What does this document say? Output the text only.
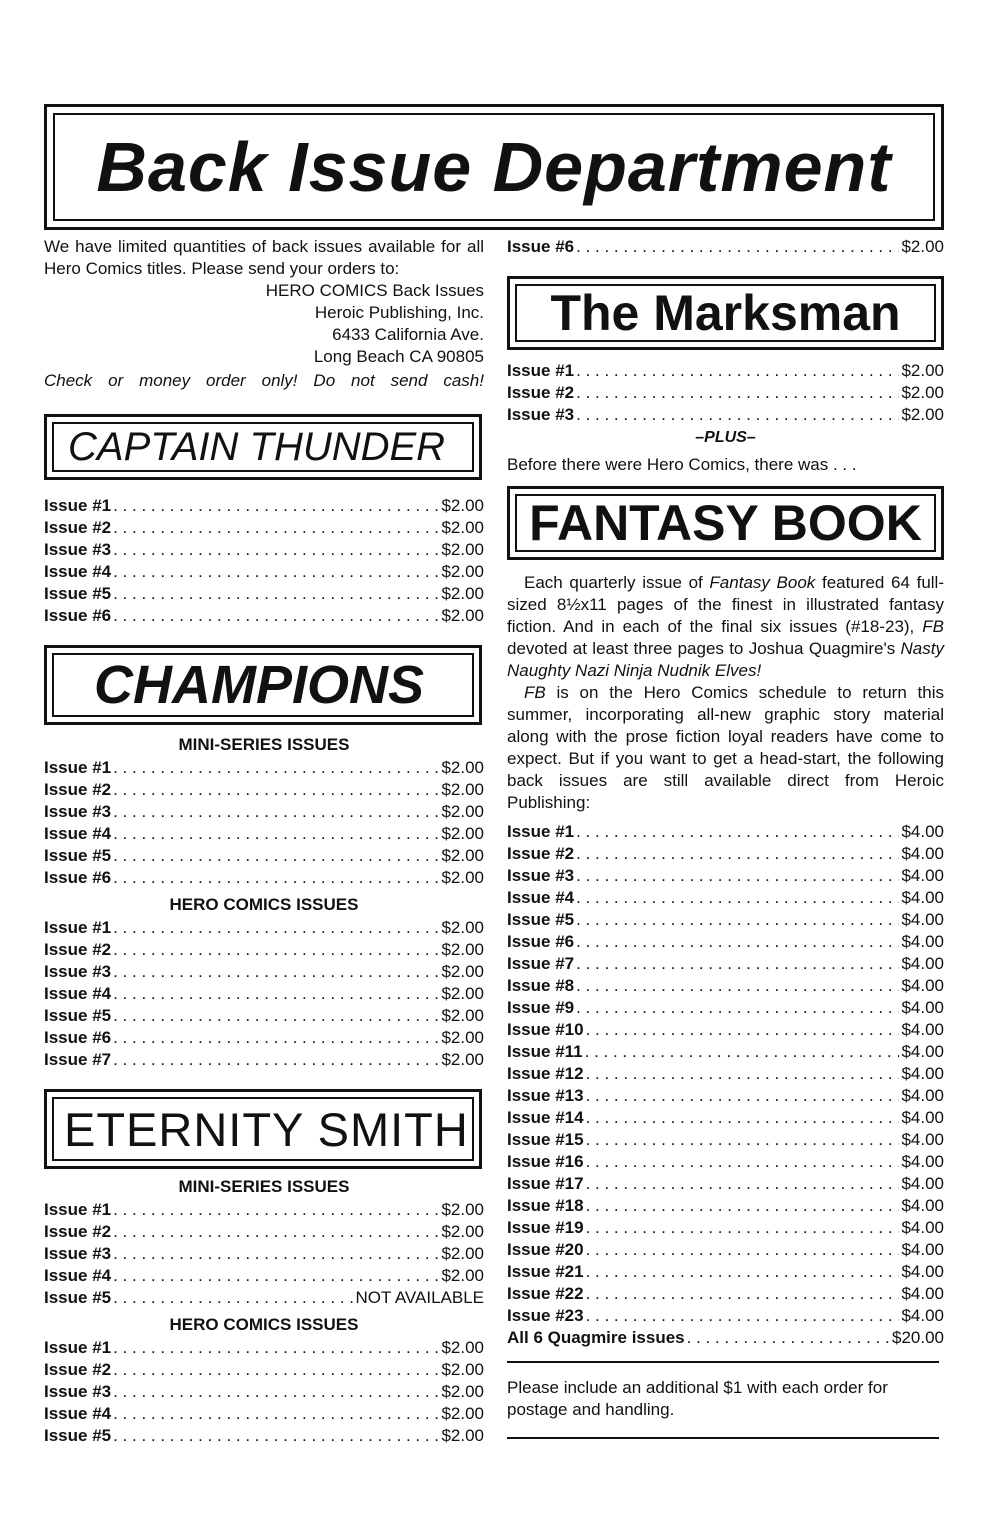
Back Issue Department
We have limited quantities of back issues available for all Hero Comics titles. Please send your orders to:
HERO COMICS Back Issues
Heroic Publishing, Inc.
6433 California Ave.
Long Beach CA 90805
Check or money order only! Do not send cash!
CAPTAIN THUNDER
Issue #1 . . .	$2.00
Issue #2 . . .	$2.00
Issue #3 . . .	$2.00
Issue #4 . . .	$2.00
Issue #5 . . .	$2.00
Issue #6 . . .	$2.00
CHAMPIONS
MINI-SERIES ISSUES
Issue #1 . . .	$2.00
Issue #2 . . .	$2.00
Issue #3 . . .	$2.00
Issue #4 . . .	$2.00
Issue #5 . . .	$2.00
Issue #6 . . .	$2.00
HERO COMICS ISSUES
Issue #1 . . .	$2.00
Issue #2 . . .	$2.00
Issue #3 . . .	$2.00
Issue #4 . . .	$2.00
Issue #5 . . .	$2.00
Issue #6 . . .	$2.00
Issue #7 . . .	$2.00
ETERNITY SMITH
MINI-SERIES ISSUES
Issue #1 . . .	$2.00
Issue #2 . . .	$2.00
Issue #3 . . .	$2.00
Issue #4 . . .	$2.00
Issue #5 . . .	NOT AVAILABLE
HERO COMICS ISSUES
Issue #1 . . .	$2.00
Issue #2 . . .	$2.00
Issue #3 . . .	$2.00
Issue #4 . . .	$2.00
Issue #5 . . .	$2.00
Issue #6 . . .	$2.00
The Marksman
Issue #1 . . .	$2.00
Issue #2 . . .	$2.00
Issue #3 . . .	$2.00
–PLUS–
Before there were Hero Comics, there was . . .
FANTASY BOOK

Each quarterly issue of Fantasy Book featured 64 full-sized 8½x11 pages of the finest in illustrated fantasy fiction. And in each of the final six issues (#18-23), FB devoted at least three pages to Joshua Quagmire's Nasty Naughty Nazi Ninja Nudnik Elves!

FB is on the Hero Comics schedule to return this summer, incorporating all-new graphic story material along with the prose fiction loyal readers have come to expect. But if you want to get a head-start, the following back issues are still available direct from Heroic Publishing:

Issue #1 . . .	$4.00
Issue #2 . . .	$4.00
Issue #3 . . .	$4.00
Issue #4 . . .	$4.00
Issue #5 . . .	$4.00
Issue #6 . . .	$4.00
Issue #7 . . .	$4.00
Issue #8 . . .	$4.00
Issue #9 . . .	$4.00
Issue #10 . . .	$4.00
Issue #11 . . .	$4.00
Issue #12 . . .	$4.00
Issue #13 . . .	$4.00
Issue #14 . . .	$4.00
Issue #15 . . .	$4.00
Issue #16 . . .	$4.00
Issue #17 . . .	$4.00
Issue #18 . . .	$4.00
Issue #19 . . .	$4.00
Issue #20 . . .	$4.00
Issue #21 . . .	$4.00
Issue #22 . . .	$4.00
Issue #23 . . .	$4.00
All 6 Quagmire issues . . .	$20.00
Please include an additional $1 with each order for postage and handling.
